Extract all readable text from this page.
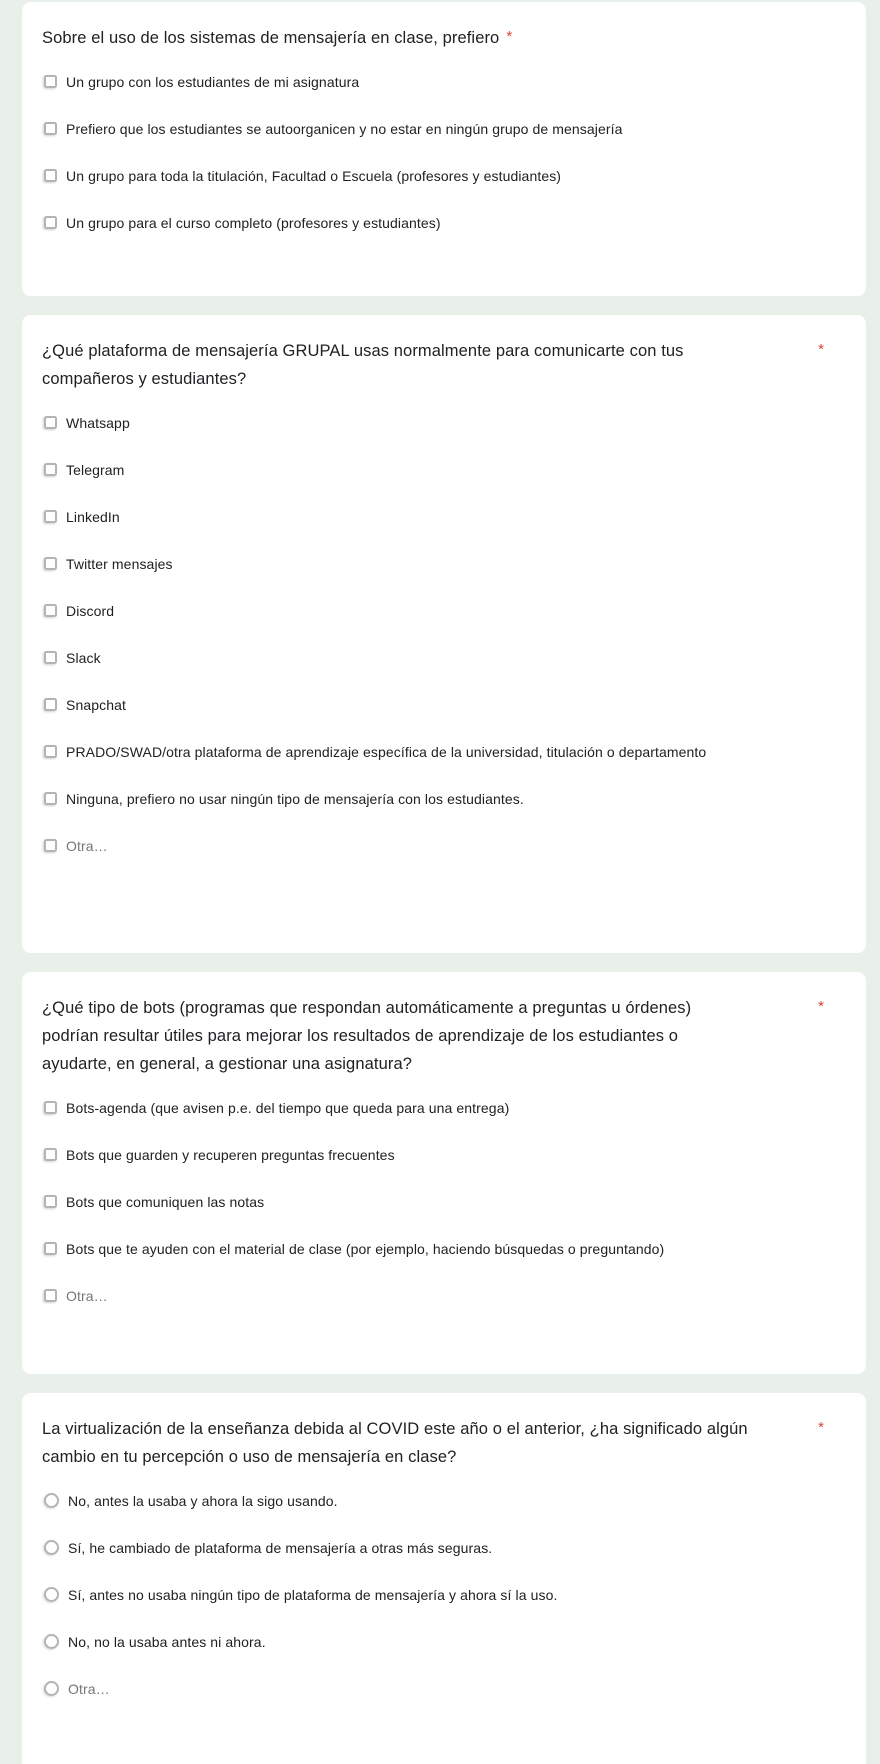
Sobre el uso de los sistemas de mensajería en clase, prefiero *
Un grupo con los estudiantes de mi asignatura
Prefiero que los estudiantes se autoorganicen y no estar en ningún grupo de mensajería
Un grupo para toda la titulación, Facultad o Escuela (profesores y estudiantes)
Un grupo para el curso completo (profesores y estudiantes)
¿Qué plataforma de mensajería GRUPAL usas normalmente para comunicarte con tus compañeros y estudiantes?
*
Whatsapp
Telegram
LinkedIn
Twitter mensajes
Discord
Slack
Snapchat
PRADO/SWAD/otra plataforma de aprendizaje específica de la universidad, titulación o departamento
Ninguna, prefiero no usar ningún tipo de mensajería con los estudiantes.
Otra…
¿Qué tipo de bots (programas que respondan automáticamente a preguntas u órdenes) podrían resultar útiles para mejorar los resultados de aprendizaje de los estudiantes o ayudarte, en general, a gestionar una asignatura?
*
Bots-agenda (que avisen p.e. del tiempo que queda para una entrega)
Bots que guarden y recuperen preguntas frecuentes
Bots que comuniquen las notas
Bots que te ayuden con el material de clase (por ejemplo, haciendo búsquedas o preguntando)
Otra…
La virtualización de la enseñanza debida al COVID este año o el anterior, ¿ha significado algún cambio en tu percepción o uso de mensajería en clase?
*
No, antes la usaba y ahora la sigo usando.
Sí, he cambiado de plataforma de mensajería a otras más seguras.
Sí, antes no usaba ningún tipo de plataforma de mensajería y ahora sí la uso.
No, no la usaba antes ni ahora.
Otra…
